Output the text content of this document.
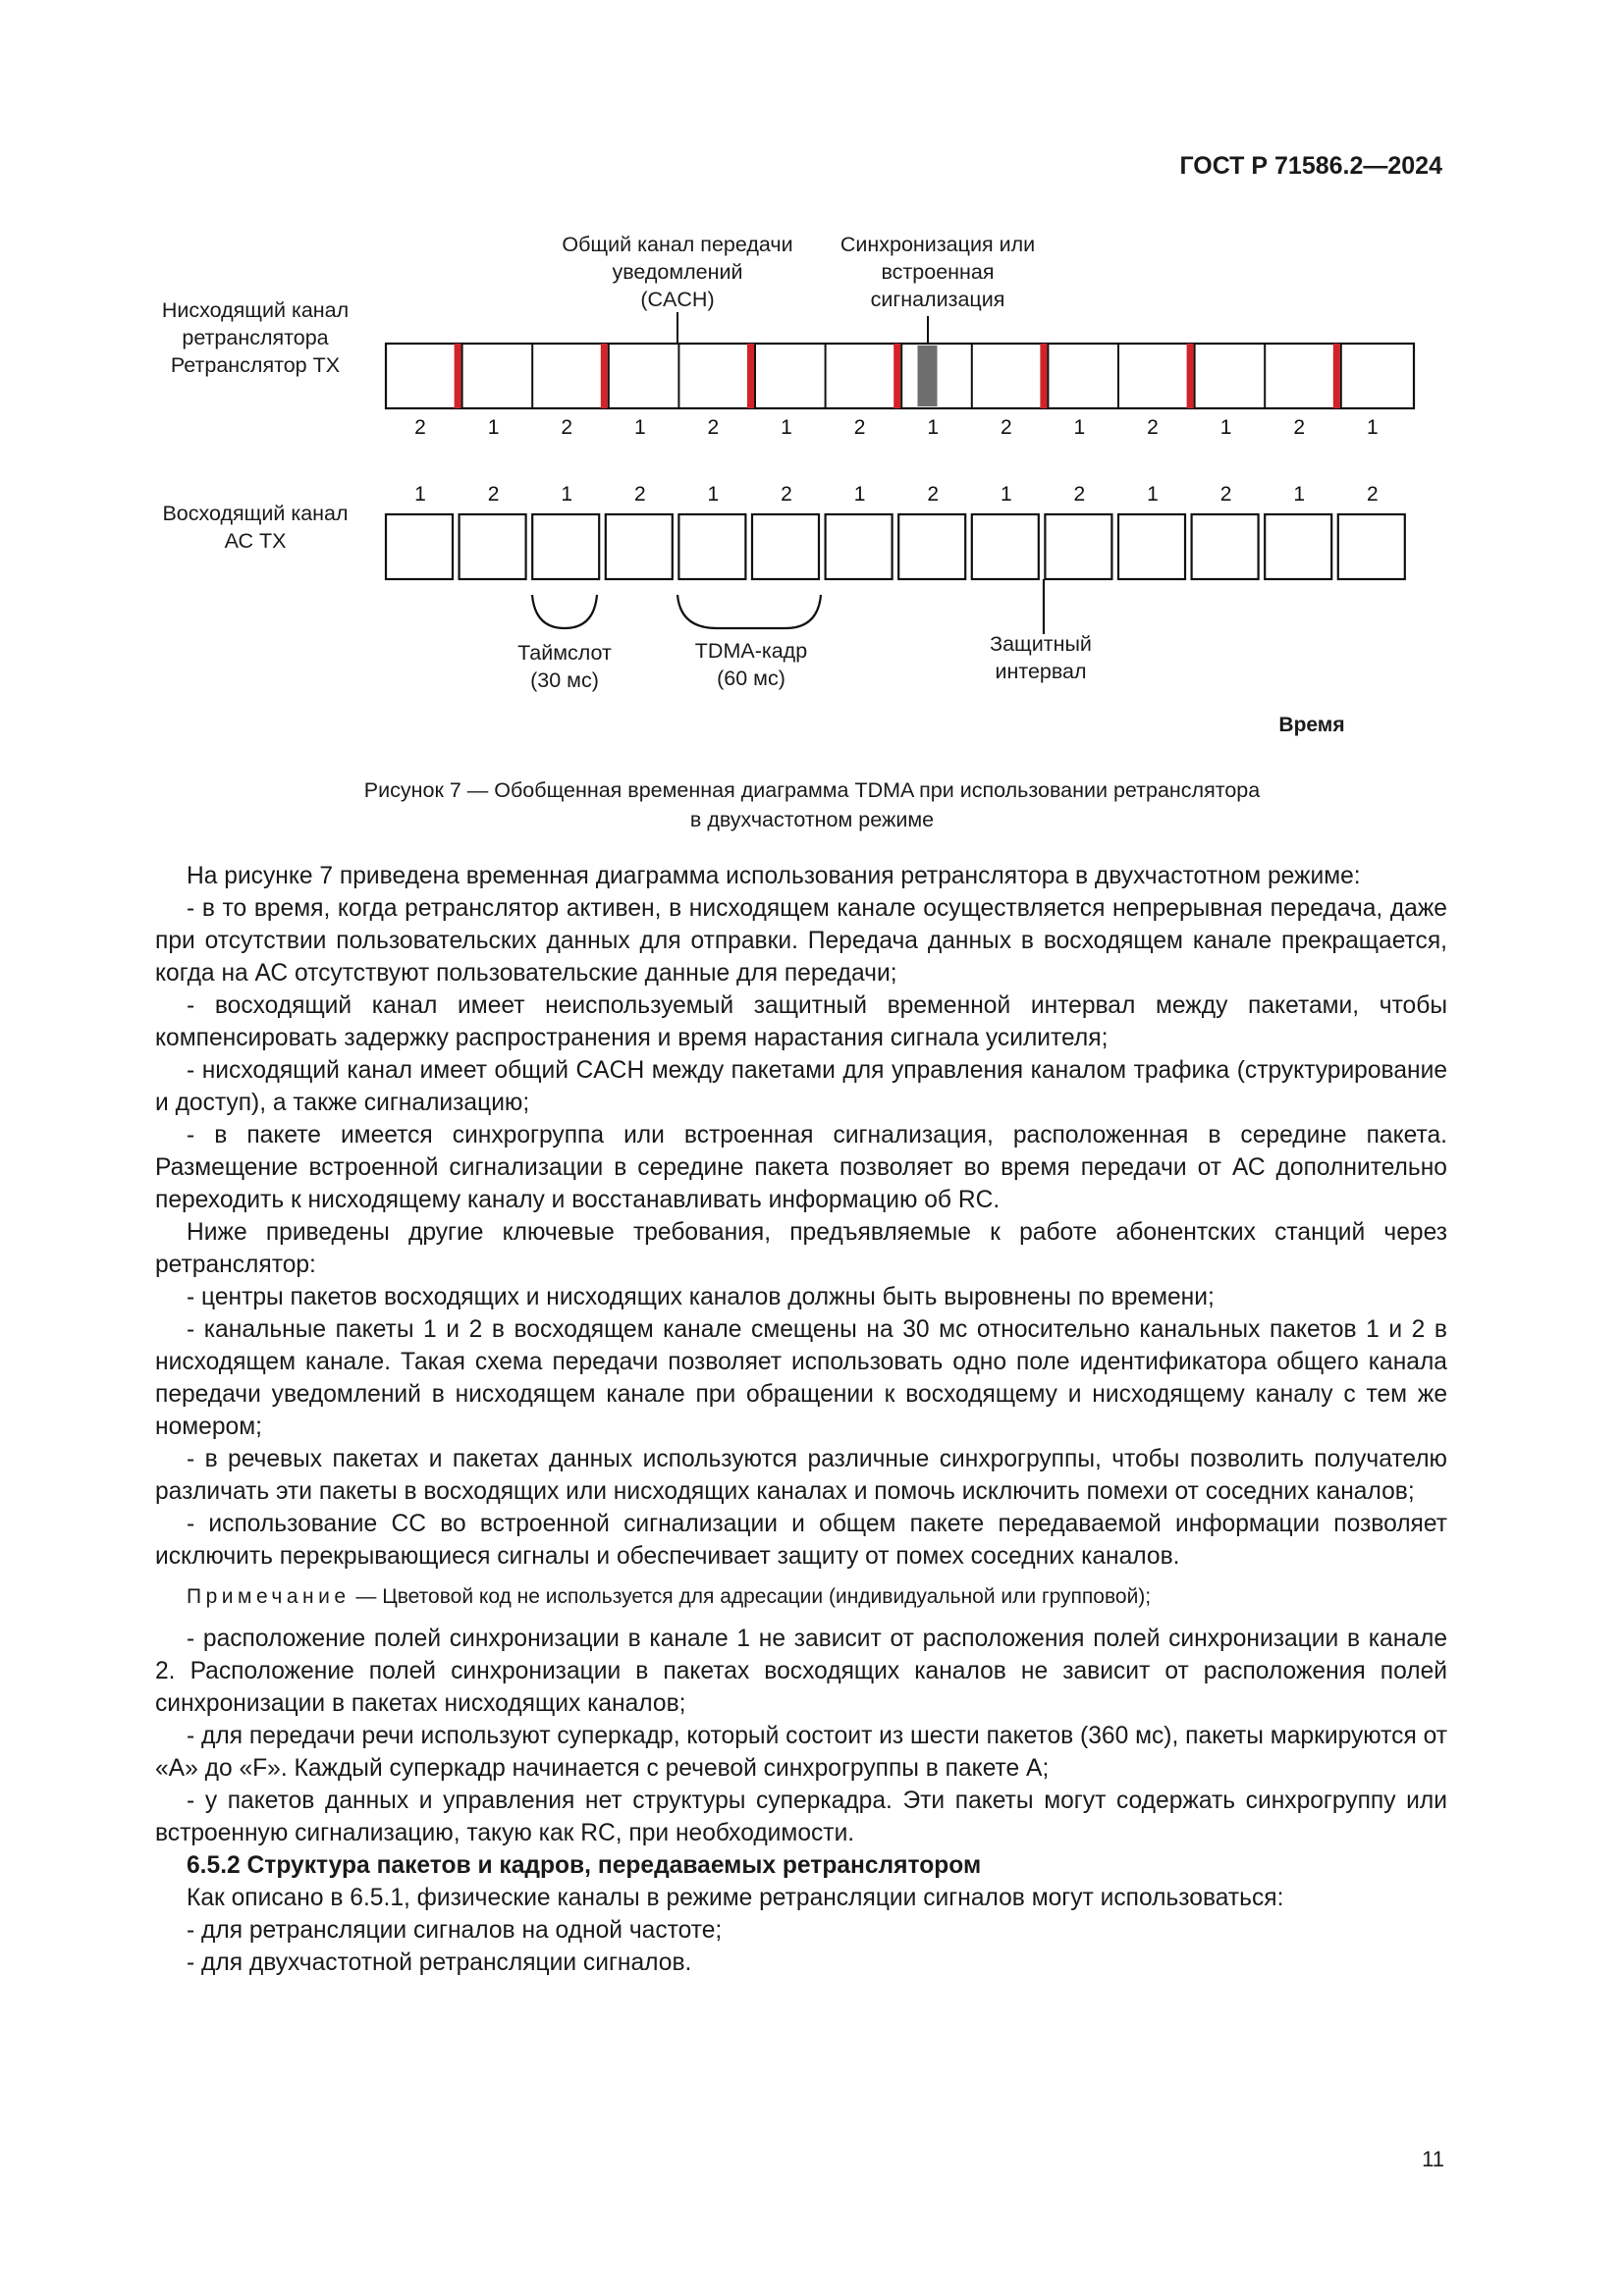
ГОСТ Р 71586.2—2024
2	1	2	1	2	1	2	1	2	1	2	1	2	1
1	2	1	2	1	2	1	2	1	2	1	2	1	2
Нисходящий канал
ретранслятора
Ретранслятор ТХ
Восходящий канал
АС ТХ
Общий канал передачи
уведомлений
(CACH)
Синхронизация или
встроенная
сигнализация
Таймслот
(30 мс)
TDMA-кадр
(60 мс)
Защитный
интервал
Время
Рисунок 7 — Обобщенная временная диаграмма TDMA при использовании ретранслятора
в двухчастотном режиме

На рисунке 7 приведена временная диаграмма использования ретранслятора в двухчастотном режиме:

- в то время, когда ретранслятор активен, в нисходящем канале осуществляется непрерывная передача, даже при отсутствии пользовательских данных для отправки. Передача данных в восходящем канале прекращается, когда на АС отсутствуют пользовательские данные для передачи;

- восходящий канал имеет неиспользуемый защитный временной интервал между пакетами, чтобы компенсировать задержку распространения и время нарастания сигнала усилителя;

- нисходящий канал имеет общий CACH между пакетами для управления каналом трафика (структурирование и доступ), а также сигнализацию;

- в пакете имеется синхрогруппа или встроенная сигнализация, расположенная в середине пакета. Размещение встроенной сигнализации в середине пакета позволяет во время передачи от АС дополнительно переходить к нисходящему каналу и восстанавливать информацию об RC.

Ниже приведены другие ключевые требования, предъявляемые к работе абонентских станций через ретранслятор:

- центры пакетов восходящих и нисходящих каналов должны быть выровнены по времени;

- канальные пакеты 1 и 2 в восходящем канале смещены на 30 мс относительно канальных пакетов 1 и 2 в нисходящем канале. Такая схема передачи позволяет использовать одно поле идентификатора общего канала передачи уведомлений в нисходящем канале при обращении к восходящему и нисходящему каналу с тем же номером;

- в речевых пакетах и пакетах данных используются различные синхрогруппы, чтобы позволить получателю различать эти пакеты в восходящих или нисходящих каналах и помочь исключить помехи от соседних каналов;

- использование CC во встроенной сигнализации и общем пакете передаваемой информации позволяет исключить перекрывающиеся сигналы и обеспечивает защиту от помех соседних каналов.

Примечание — Цветовой код не используется для адресации (индивидуальной или групповой);

- расположение полей синхронизации в канале 1 не зависит от расположения полей синхронизации в канале 2. Расположение полей синхронизации в пакетах восходящих каналов не зависит от расположения полей синхронизации в пакетах нисходящих каналов;

- для передачи речи используют суперкадр, который состоит из шести пакетов (360 мс), пакеты маркируются от «А» до «F». Каждый суперкадр начинается с речевой синхрогруппы в пакете А;

- у пакетов данных и управления нет структуры суперкадра. Эти пакеты могут содержать синхрогруппу или встроенную сигнализацию, такую как RC, при необходимости.

6.5.2 Структура пакетов и кадров, передаваемых ретранслятором

Как описано в 6.5.1, физические каналы в режиме ретрансляции сигналов могут использоваться:

- для ретрансляции сигналов на одной частоте;

- для двухчастотной ретрансляции сигналов.

11
